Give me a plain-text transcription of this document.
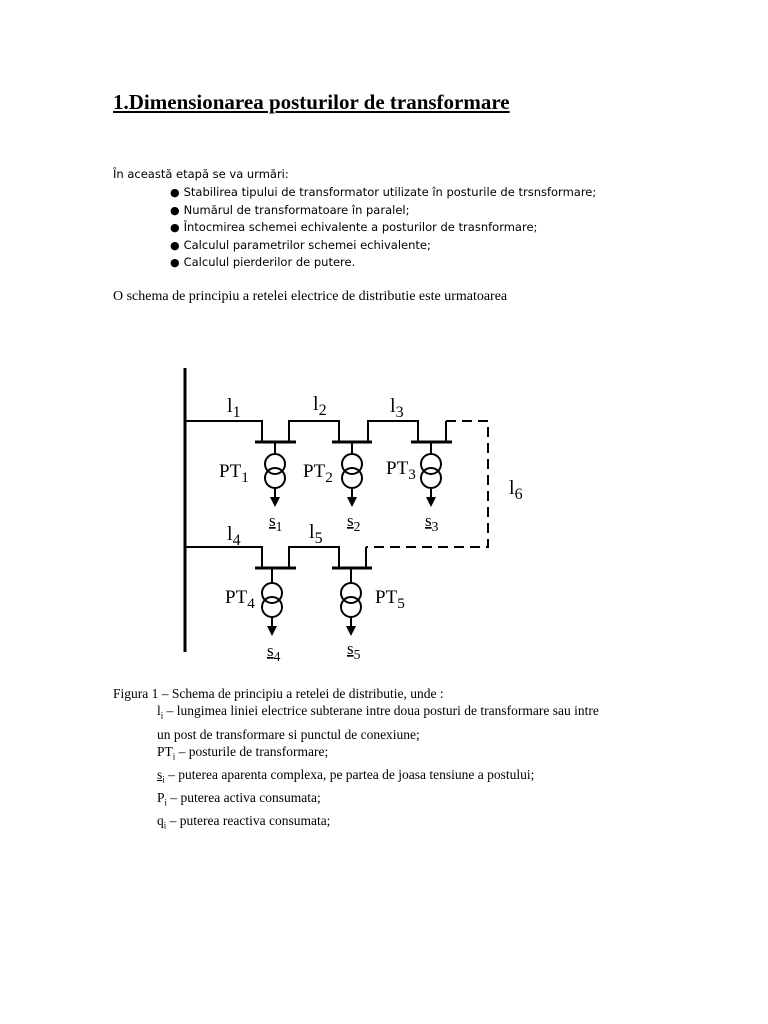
1.Dimensionarea posturilor de transformare
În această etapă se va urmări:
● Stabilirea tipului de transformator utilizate în posturile de trsnsformare;
● Numărul de transformatoare în paralel;
● Întocmirea schemei echivalente a posturilor de trasnformare;
● Calculul parametrilor schemei echivalente;
● Calculul pierderilor de putere.
O schema de principiu a retelei electrice de distributie este urmatoarea
$l_1$	$l_2$	$l_3$
$l_4$	$l_5$
$l_6$
$PT_1$	$PT_2$	$PT_3$
$PT_4$	$PT_5$
$s_1$	$s_2$	$s_3$
$s_4$	$s_5$
Figura 1 – Schema de principiu a retelei de distributie, unde :
$l_i$ – lungimea liniei electrice subterane intre doua posturi de transformare sau intre
un post de transformare si punctul de conexiune;
$PT_i$ – posturile de transformare;
$s_i$ – puterea aparenta complexa, pe partea de joasa tensiune a postului;
$P_i$ – puterea activa consumata;
$q_i$ – puterea reactiva consumata;
